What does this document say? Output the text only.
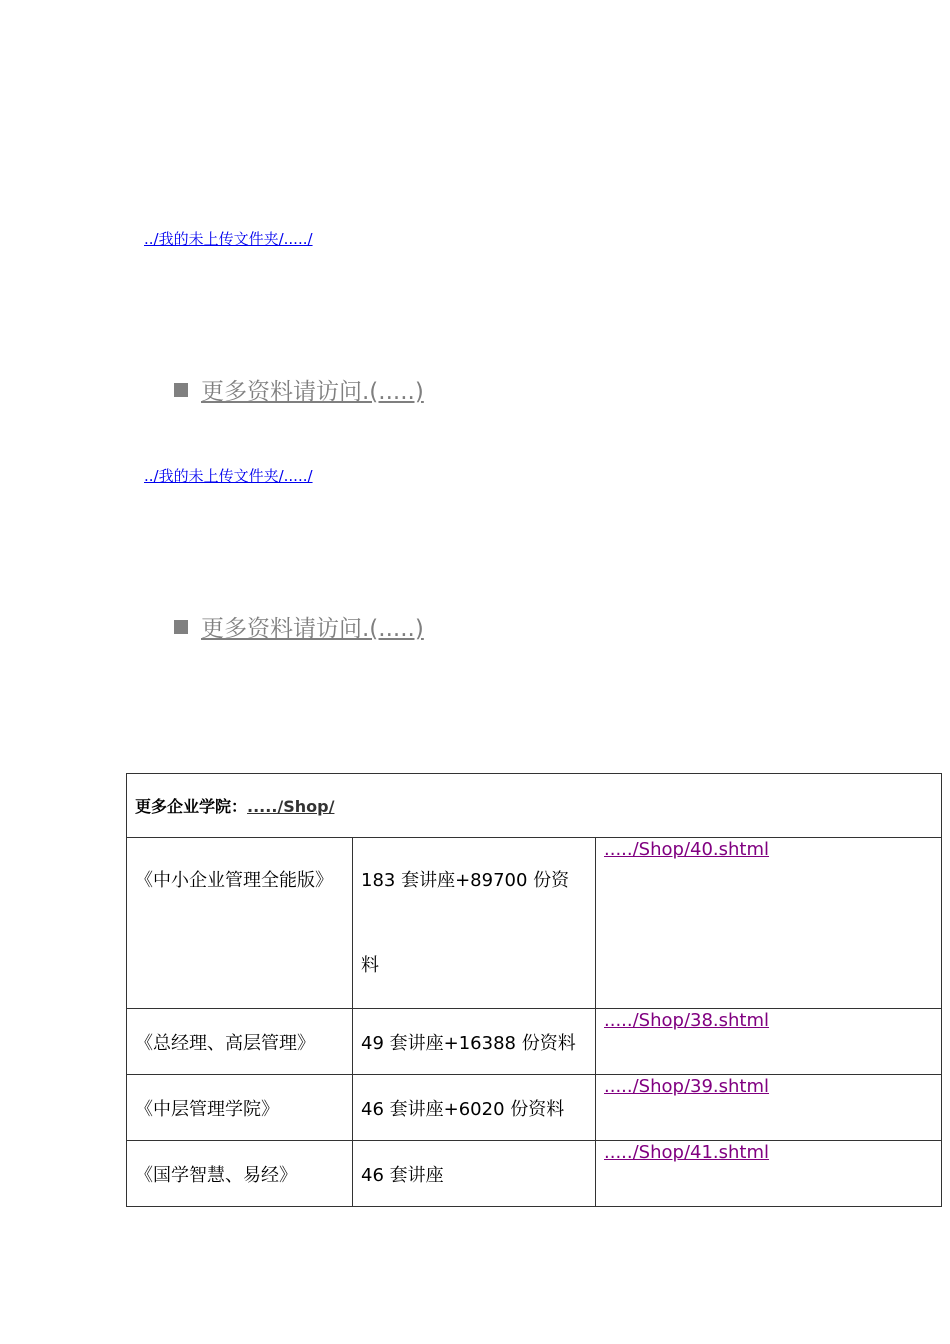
../我的未上传文件夹/...../
更多资料请访问.(.....)
../我的未上传文件夹/...../
更多资料请访问.(.....)
更多企业学院：...../Shop/		
《中小企业管理全能版》	183 套讲座+89700 份资料	...../Shop/40.shtml

《总经理、高层管理》	49 套讲座+16388 份资料	...../Shop/38.shtml

《中层管理学院》	46 套讲座+6020 份资料	...../Shop/39.shtml

《国学智慧、易经》	46 套讲座	...../Shop/41.shtml
